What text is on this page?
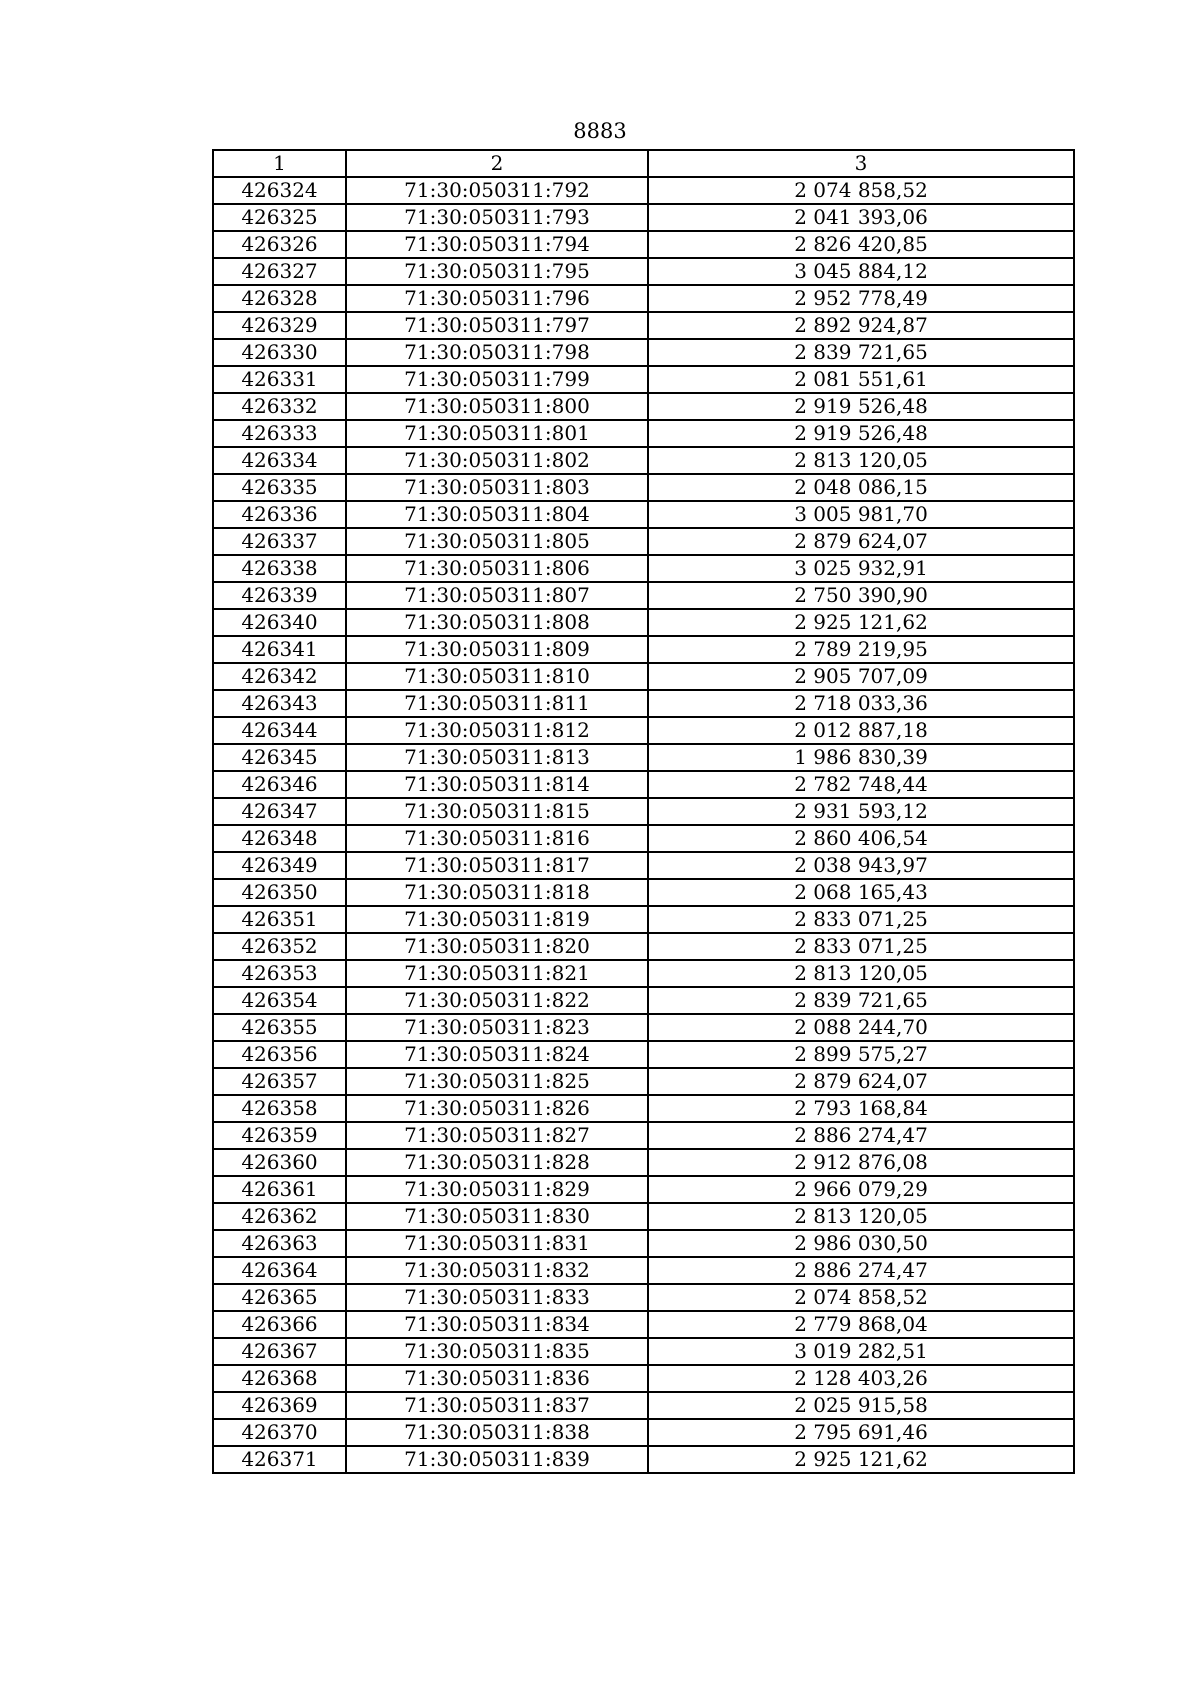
8883
1	2	3
426324	71:30:050311:792	2 074 858,52
426325	71:30:050311:793	2 041 393,06
426326	71:30:050311:794	2 826 420,85
426327	71:30:050311:795	3 045 884,12
426328	71:30:050311:796	2 952 778,49
426329	71:30:050311:797	2 892 924,87
426330	71:30:050311:798	2 839 721,65
426331	71:30:050311:799	2 081 551,61
426332	71:30:050311:800	2 919 526,48
426333	71:30:050311:801	2 919 526,48
426334	71:30:050311:802	2 813 120,05
426335	71:30:050311:803	2 048 086,15
426336	71:30:050311:804	3 005 981,70
426337	71:30:050311:805	2 879 624,07
426338	71:30:050311:806	3 025 932,91
426339	71:30:050311:807	2 750 390,90
426340	71:30:050311:808	2 925 121,62
426341	71:30:050311:809	2 789 219,95
426342	71:30:050311:810	2 905 707,09
426343	71:30:050311:811	2 718 033,36
426344	71:30:050311:812	2 012 887,18
426345	71:30:050311:813	1 986 830,39
426346	71:30:050311:814	2 782 748,44
426347	71:30:050311:815	2 931 593,12
426348	71:30:050311:816	2 860 406,54
426349	71:30:050311:817	2 038 943,97
426350	71:30:050311:818	2 068 165,43
426351	71:30:050311:819	2 833 071,25
426352	71:30:050311:820	2 833 071,25
426353	71:30:050311:821	2 813 120,05
426354	71:30:050311:822	2 839 721,65
426355	71:30:050311:823	2 088 244,70
426356	71:30:050311:824	2 899 575,27
426357	71:30:050311:825	2 879 624,07
426358	71:30:050311:826	2 793 168,84
426359	71:30:050311:827	2 886 274,47
426360	71:30:050311:828	2 912 876,08
426361	71:30:050311:829	2 966 079,29
426362	71:30:050311:830	2 813 120,05
426363	71:30:050311:831	2 986 030,50
426364	71:30:050311:832	2 886 274,47
426365	71:30:050311:833	2 074 858,52
426366	71:30:050311:834	2 779 868,04
426367	71:30:050311:835	3 019 282,51
426368	71:30:050311:836	2 128 403,26
426369	71:30:050311:837	2 025 915,58
426370	71:30:050311:838	2 795 691,46
426371	71:30:050311:839	2 925 121,62
